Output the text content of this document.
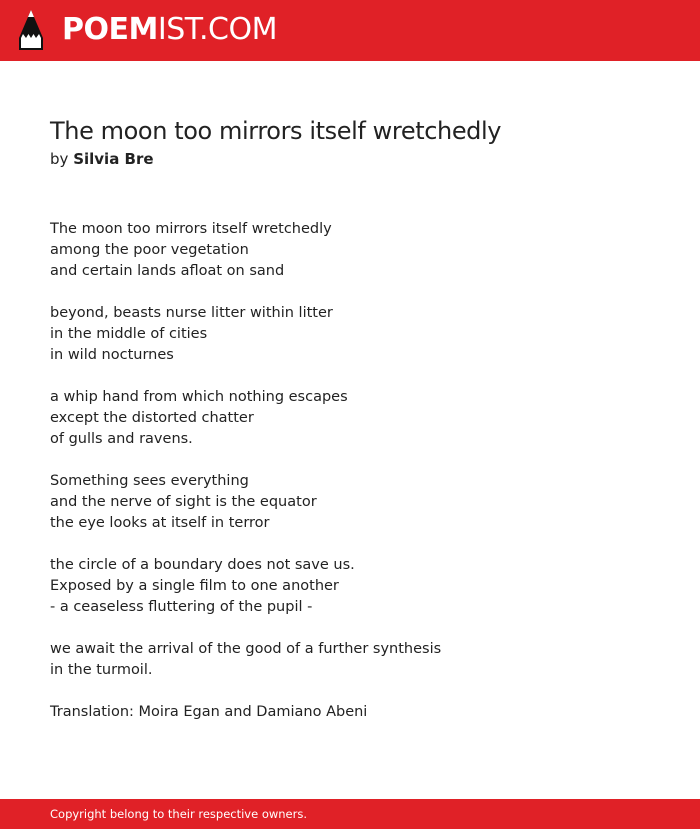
POEMIST.COM
The moon too mirrors itself wretchedly
by Silvia Bre
The moon too mirrors itself wretchedly
among the poor vegetation
and certain lands afloat on sand
beyond, beasts nurse litter within litter
in the middle of cities
in wild nocturnes
a whip hand from which nothing escapes
except the distorted chatter
of gulls and ravens.
Something sees everything
and the nerve of sight is the equator
the eye looks at itself in terror
the circle of a boundary does not save us.
Exposed by a single film to one another
- a ceaseless fluttering of the pupil -
we await the arrival of the good of a further synthesis
in the turmoil.
Translation: Moira Egan and Damiano Abeni
Copyright belong to their respective owners.
